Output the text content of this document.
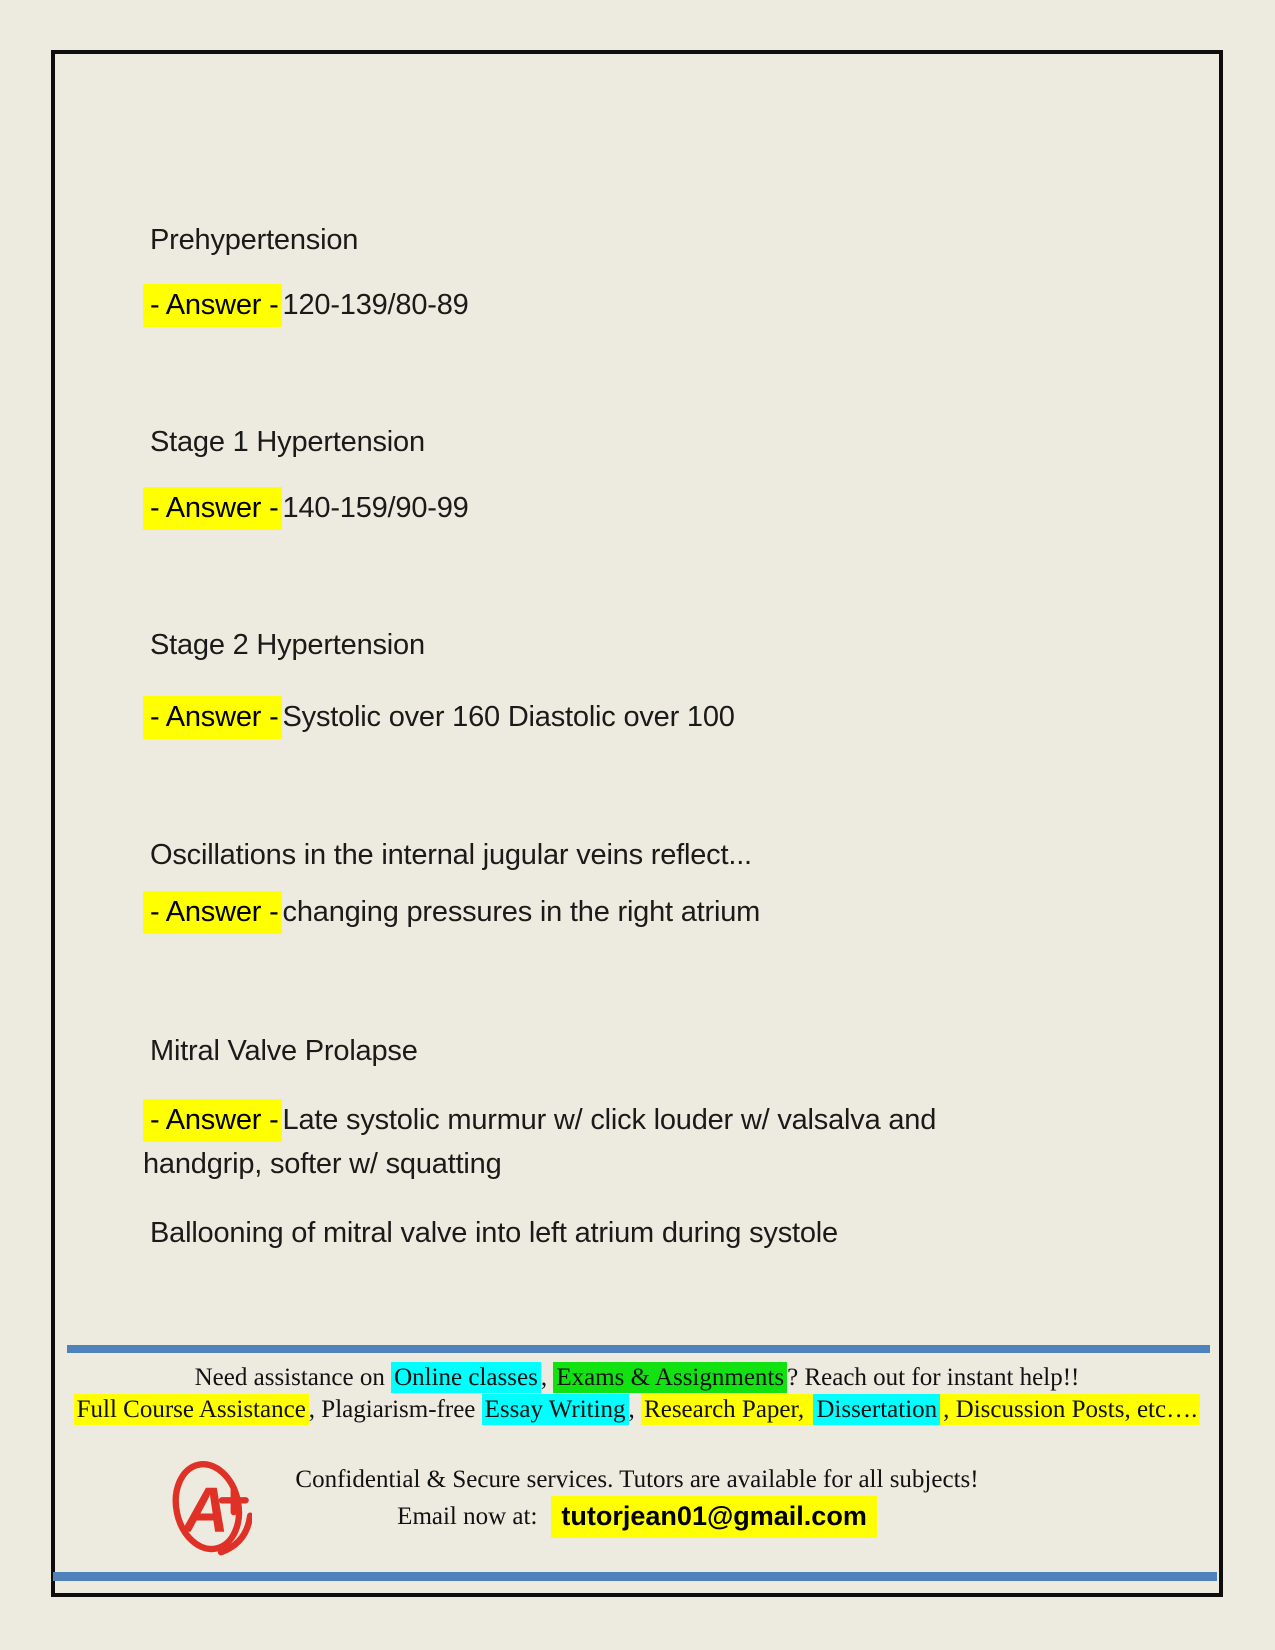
Prehypertension

- Answer - 120-139/80-89

Stage 1 Hypertension

- Answer - 140-159/90-99

Stage 2 Hypertension

- Answer - Systolic over 160 Diastolic over 100

Oscillations in the internal jugular veins reflect...

- Answer - changing pressures in the right atrium

Mitral Valve Prolapse

- Answer - Late systolic murmur w/ click louder w/ valsalva and
handgrip, softer w/ squatting

Ballooning of mitral valve into left atrium during systole

Need assistance on Online classes , Exams & Assignments ? Reach out for instant help!!

Full Course Assistance , Plagiarism-free Essay Writing , Research Paper, Dissertation , Discussion Posts, etc….

A	Confidential & Secure services. Tutors are available for all subjects!

Email now at: tutorjean01@gmail.com
